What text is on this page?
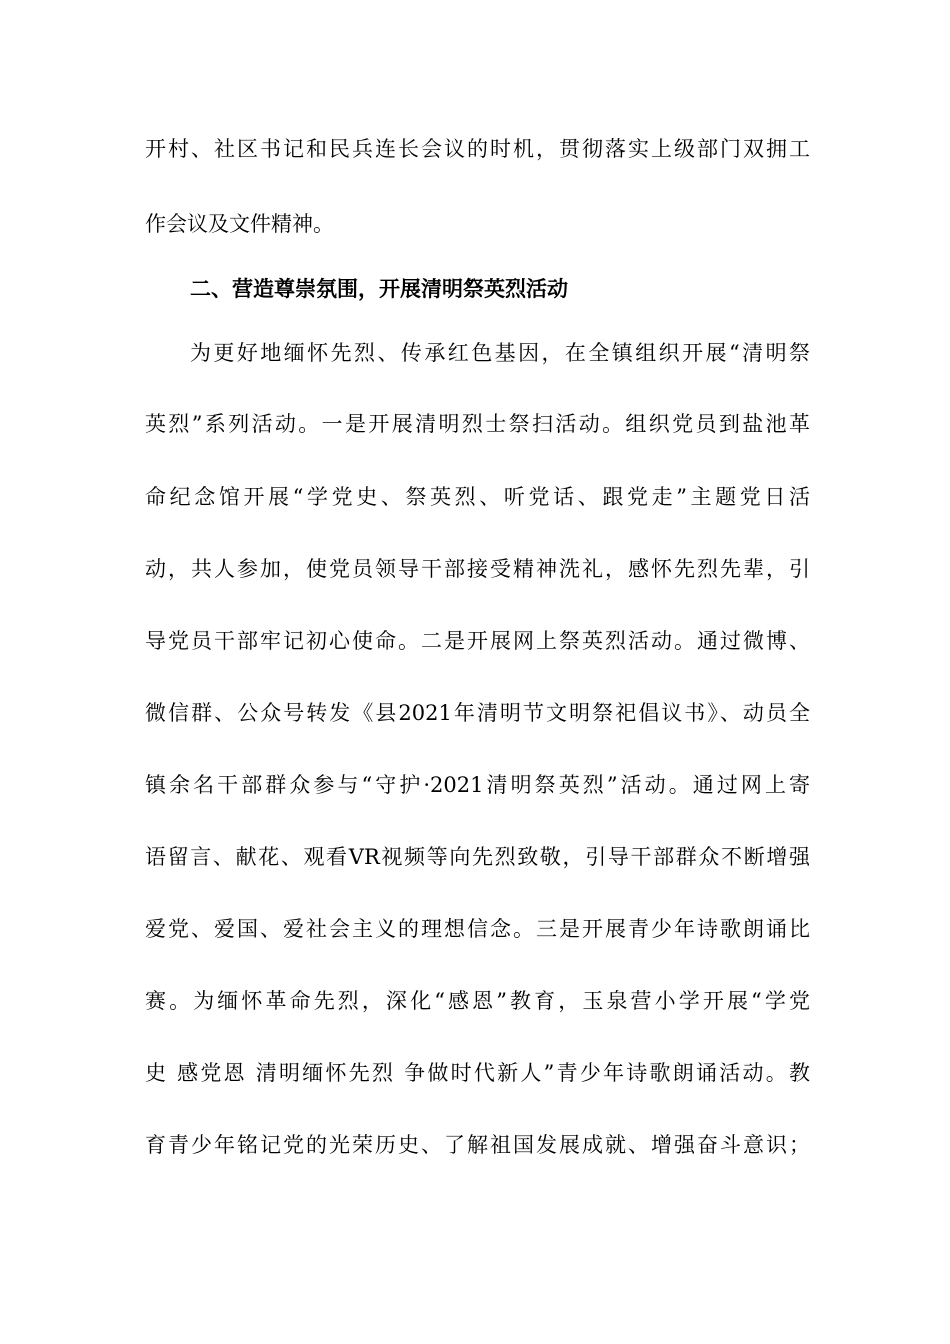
开村、社区书记和民兵连长会议的时机，贯彻落实上级部门双拥工
作会议及文件精神。
二、营造尊崇氛围，开展清明祭英烈活动
为更好地缅怀先烈、传承红色基因，在全镇组织开展“清明祭
英烈”系列活动。一是开展清明烈士祭扫活动。组织党员到盐池革
命纪念馆开展“学党史、祭英烈、听党话、跟党走”主题党日活
动，共人参加，使党员领导干部接受精神洗礼，感怀先烈先辈，引
导党员干部牢记初心使命。二是开展网上祭英烈活动。通过微博、
微信群、公众号转发《县2021年清明节文明祭祀倡议书》、动员全
镇余名干部群众参与“守护·2021清明祭英烈”活动。通过网上寄
语留言、献花、观看VR视频等向先烈致敬，引导干部群众不断增强
爱党、爱国、爱社会主义的理想信念。三是开展青少年诗歌朗诵比
赛。为缅怀革命先烈，深化“感恩”教育，玉泉营小学开展“学党
史 感党恩 清明缅怀先烈 争做时代新人”青少年诗歌朗诵活动。教
育青少年铭记党的光荣历史、了解祖国发展成就、增强奋斗意识；
